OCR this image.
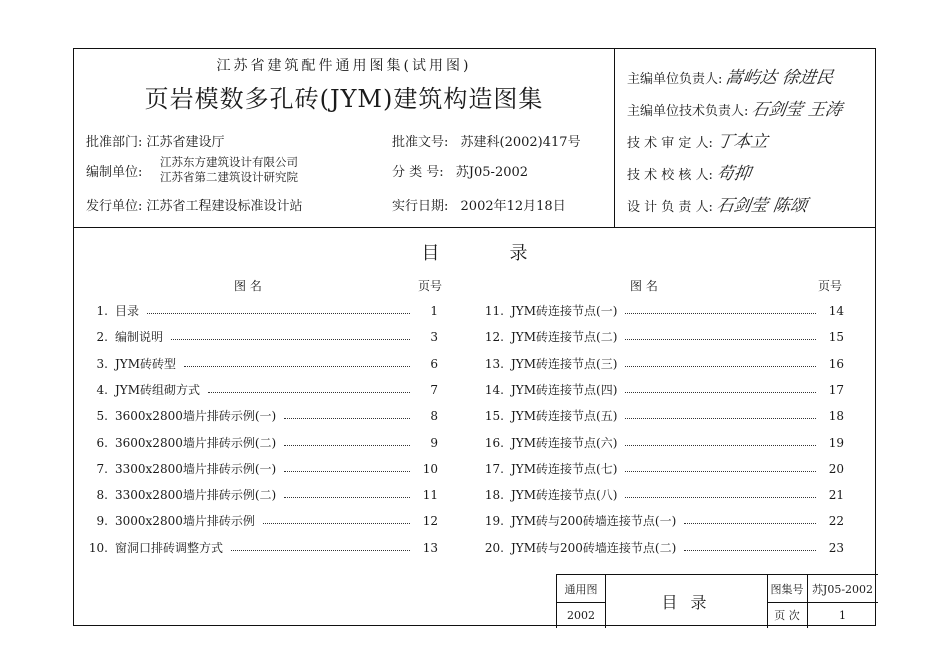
江苏省建筑配件通用图集(试用图)
页岩模数多孔砖(JYM)建筑构造图集
批准部门: 江苏省建设厅
编制单位:
江苏东方建筑设计有限公司
江苏省第二建筑设计研究院
发行单位: 江苏省工程建设标准设计站
批准文号: 苏建科(2002)417号
分 类 号: 苏J05-2002
实行日期: 2002年12月18日
主编单位负责人: 嵩屿达 徐进民
主编单位技术负责人: 石剑莹 王涛
技 术 审 定 人: 丁本立
技 术 校 核 人: 苟抑
设 计 负 责 人: 石剑莹 陈颂
目录
图 名	页号	图 名	页号
1. 目录	1
2. 编制说明	3
3. JYM砖砖型	6
4. JYM砖组砌方式	7
5. 3600x2800墙片排砖示例(一)	8
6. 3600x2800墙片排砖示例(二)	9
7. 3300x2800墙片排砖示例(一)	10
8. 3300x2800墙片排砖示例(二)	11
9. 3000x2800墙片排砖示例	12
10. 窗洞口排砖调整方式	13
11. JYM砖连接节点(一)	14
12. JYM砖连接节点(二)	15
13. JYM砖连接节点(三)	16
14. JYM砖连接节点(四)	17
15. JYM砖连接节点(五)	18
16. JYM砖连接节点(六)	19
17. JYM砖连接节点(七)	20
18. JYM砖连接节点(八)	21
19. JYM砖与200砖墙连接节点(一)	22
20. JYM砖与200砖墙连接节点(二)	23
通用图
2002
目 录
图集号 苏J05-2002
页 次	1
